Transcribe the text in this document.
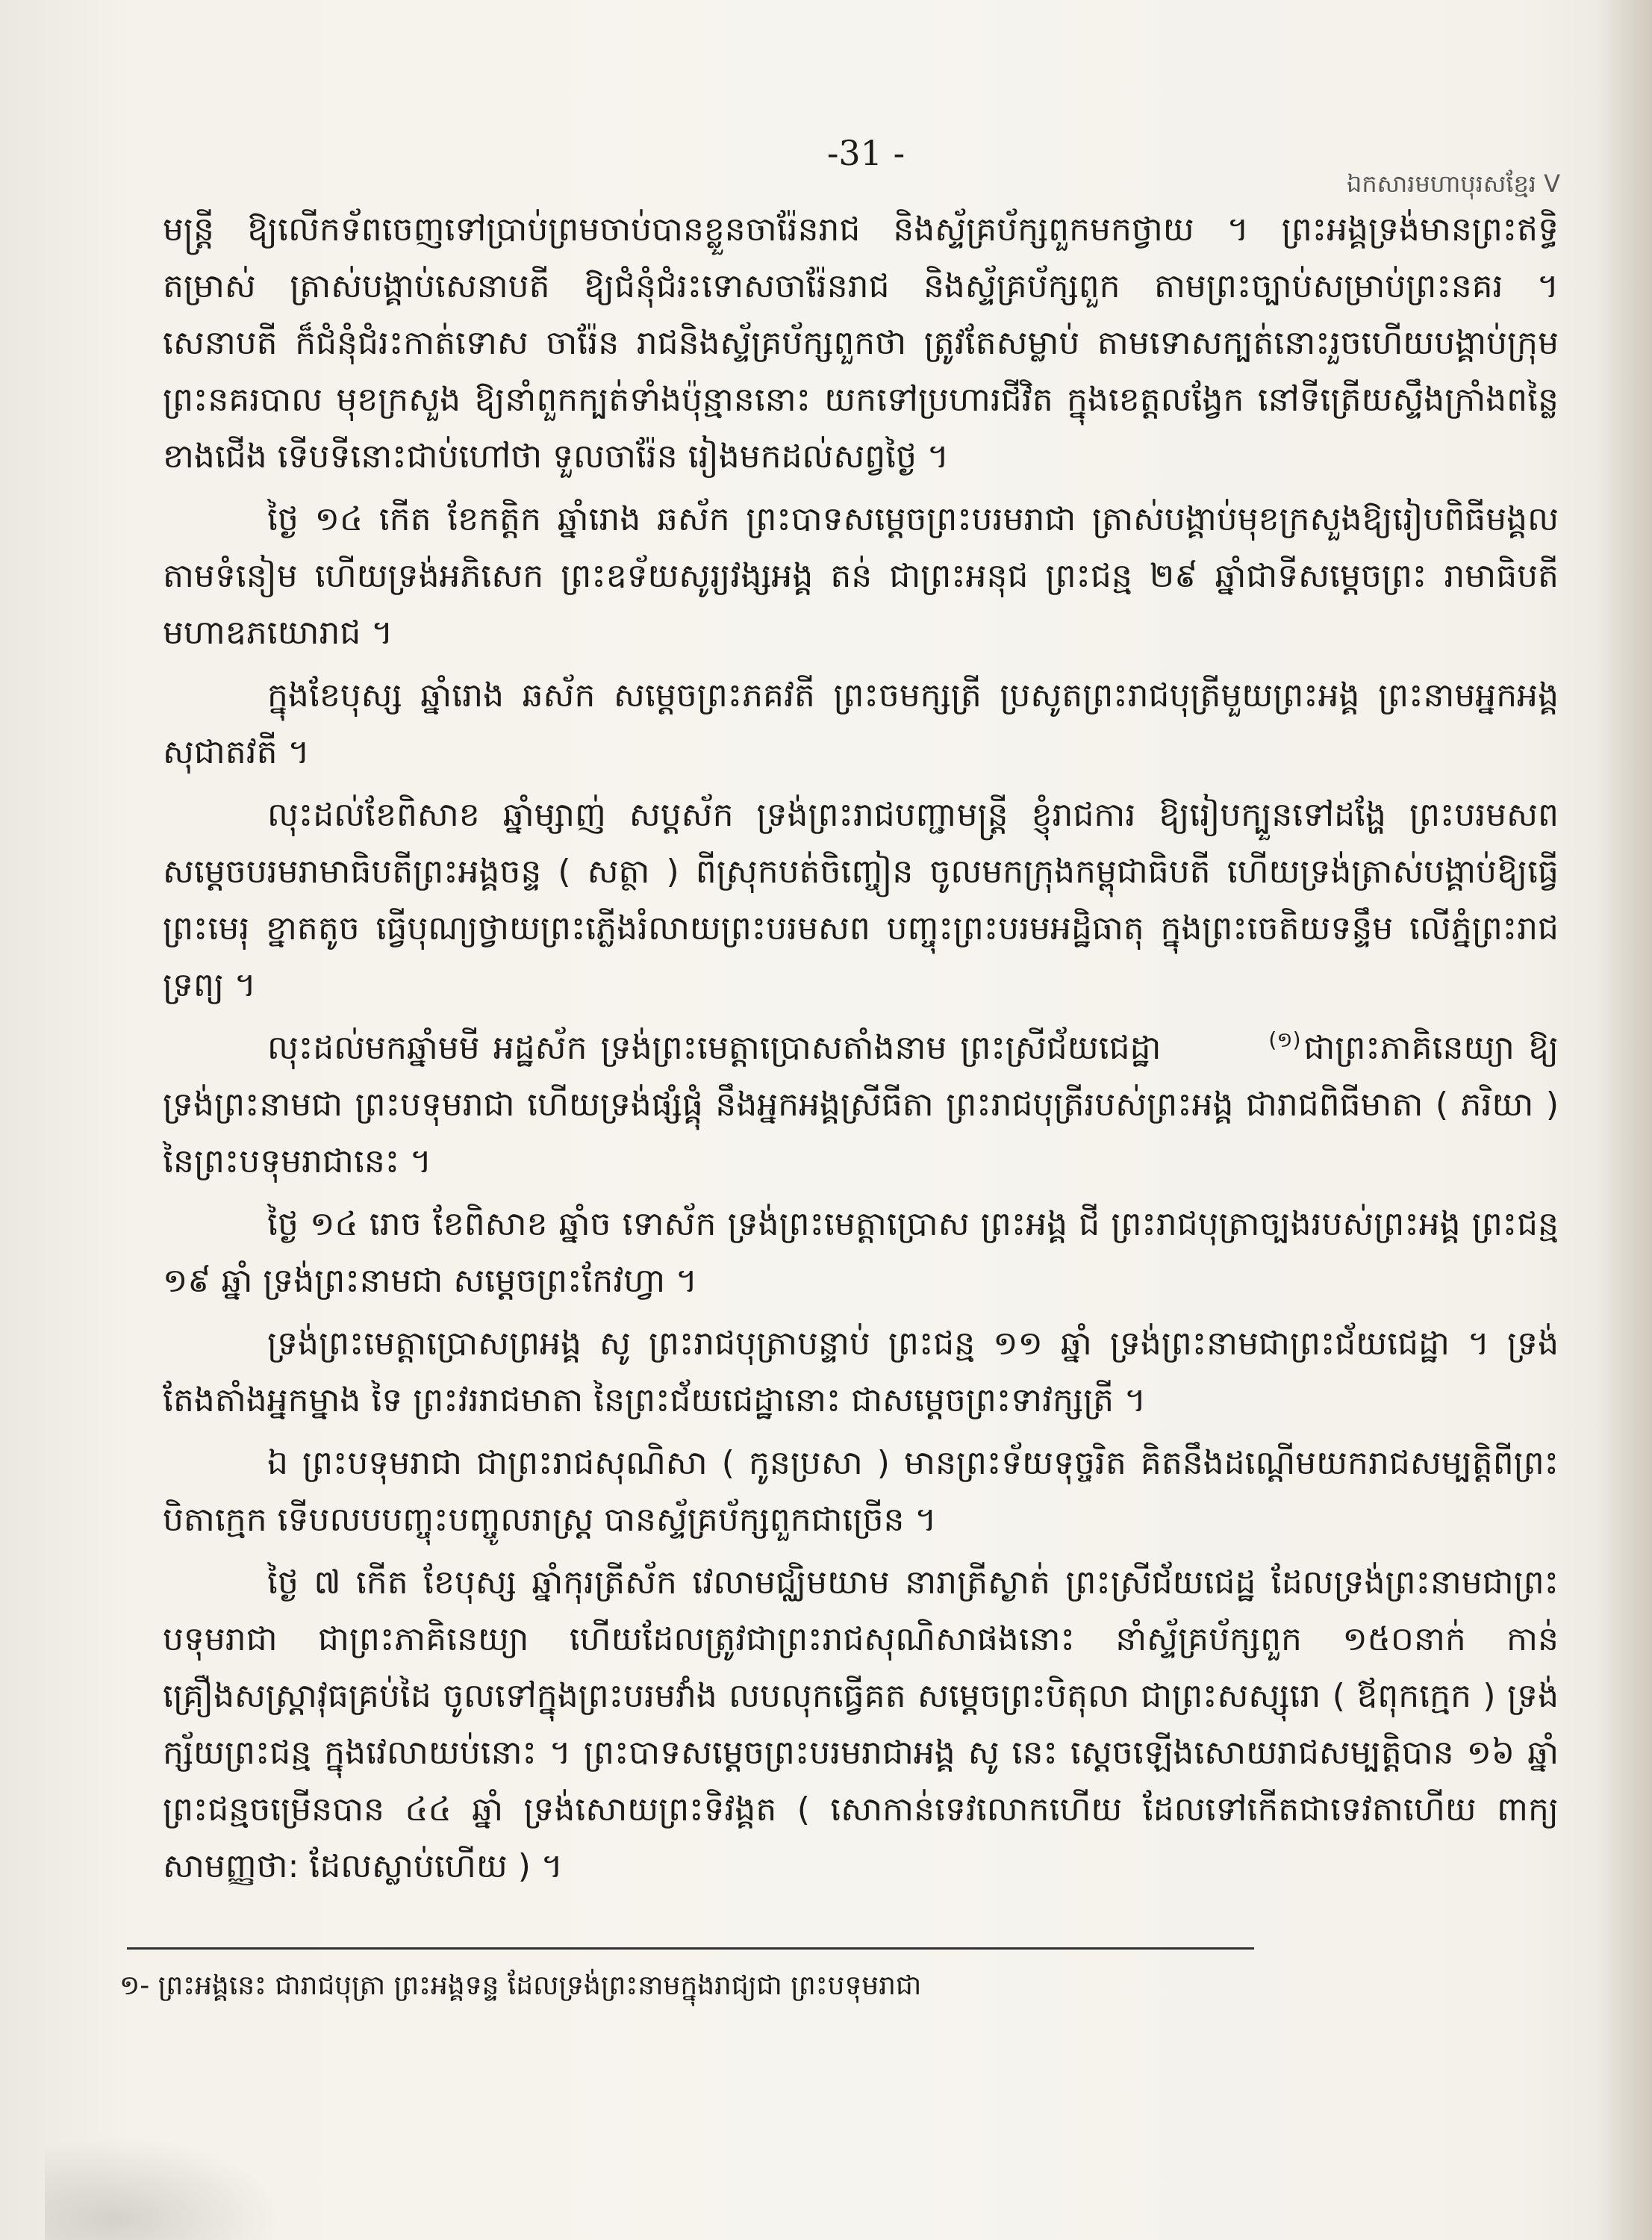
-31 -
ឯកសារមហាបុរសខ្មែរ V

មន្ត្រី ឱ្យលើកទ័ពចេញទៅប្រាប់ព្រមចាប់បានខ្លួនចារ៉ែនរាជ និងស្ទ័គ្រប័ក្សពួកមកថ្វាយ ។ ព្រះអង្គទ្រង់មានព្រះឥទ្ធិតម្រាស់ ត្រាស់បង្គាប់សេនាបតី ឱ្យជំនុំជំរះទោសចារ៉ែនរាជ និងស្ទ័គ្រប័ក្សពួក តាមព្រះច្បាប់សម្រាប់ព្រះនគរ ។ សេនាបតី ក៏ជំនុំជំរះកាត់ទោស ចារ៉ែន រាជនិងស្ទ័គ្រប័ក្សពួកថា ត្រូវតែសម្លាប់ តាមទោសក្បត់នោះរួចហើយបង្គាប់ក្រុមព្រះនគរបាល មុខក្រសួង ឱ្យនាំពួកក្បត់ទាំងប៉ុន្មាននោះ យកទៅប្រហារជីវិត ក្នុងខេត្តលង្វែក នៅទីត្រើយស្ទឹងក្រាំងពន្លៃខាងជើង ទើបទីនោះជាប់ហៅថា ទួលចារ៉ែន រៀងមកដល់សព្វថ្ងៃ ។

ថ្ងៃ ១៤ កើត ខែកត្តិក ឆ្នាំរោង ឆស័ក ព្រះបាទសម្ដេចព្រះបរមរាជា ត្រាស់បង្គាប់មុខក្រសួងឱ្យរៀបពិធីមង្គល តាមទំនៀម ហើយទ្រង់អភិសេក ព្រះឧទ័យសូរ្យវង្សអង្គ តន់ ជាព្រះអនុជ ព្រះជន្ម ២៩ ឆ្នាំជាទីសម្ដេចព្រះ រាមាធិបតី មហាឧភយោរាជ ។

ក្នុងខែបុស្ស ឆ្នាំរោង ឆស័ក សម្ដេចព្រះភគវតី ព្រះចមក្សត្រី ប្រសូតព្រះរាជបុត្រីមួយព្រះអង្គ ព្រះនាមអ្នកអង្គ សុជាតវតី ។

លុះដល់ខែពិសាខ ឆ្នាំម្សាញ់ សប្តស័ក ទ្រង់ព្រះរាជបញ្ជាមន្ត្រី ខ្ញុំរាជការ ឱ្យរៀបក្បួនទៅដង្ហែ ព្រះបរមសព សម្ដេចបរមរាមាធិបតីព្រះអង្គចន្ទ ( សត្ថា ) ពីស្រុកបត់ចិញ្ចៀន ចូលមកក្រុងកម្ពុជាធិបតី ហើយទ្រង់ត្រាស់បង្គាប់ឱ្យធ្វើព្រះមេរុ ខ្នាតតូច ធ្វើបុណ្យថ្វាយព្រះភ្លើងរំលាយព្រះបរមសព បញ្ចុះព្រះបរមអដ្ឋិធាតុ ក្នុងព្រះចេតិយទន្ទឹម លើភ្នំព្រះរាជទ្រព្យ ។

លុះដល់មកឆ្នាំមមី អដ្ឋស័ក ទ្រង់ព្រះមេត្តាប្រោសតាំងនាម ព្រះស្រីជ័យជេដ្ឋា	(១)ជាព្រះភាគិនេយ្យា ឱ្យទ្រង់ព្រះនាមជា ព្រះបទុមរាជា ហើយទ្រង់ផ្សំផ្គុំ នឹងអ្នកអង្គស្រីធីតា ព្រះរាជបុត្រីរបស់ព្រះអង្គ ជារាជពិធីមាតា ( ភរិយា ) នៃព្រះបទុមរាជានេះ ។

ថ្ងៃ ១៤ រោច ខែពិសាខ ឆ្នាំច ទោស័ក ទ្រង់ព្រះមេត្តាប្រោស ព្រះអង្គ ជី ព្រះរាជបុត្រាច្បងរបស់ព្រះអង្គ ព្រះជន្ម ១៩ ឆ្នាំ ទ្រង់ព្រះនាមជា សម្ដេចព្រះកែវហ្វា ។

ទ្រង់ព្រះមេត្តាប្រោសព្រអង្គ សូ ព្រះរាជបុត្រាបន្ទាប់ ព្រះជន្ម ១១ ឆ្នាំ ទ្រង់ព្រះនាមជាព្រះជ័យជេដ្ឋា ។ ទ្រង់តែងតាំងអ្នកម្នាង ទៃ ព្រះវររាជមាតា នៃព្រះជ័យជេដ្ឋានោះ ជាសម្ដេចព្រះទាវក្សត្រី ។

ឯ ព្រះបទុមរាជា ជាព្រះរាជសុណិសា ( កូនប្រសា ) មានព្រះទ័យទុច្ចរិត គិតនឹងដណ្ដើមយករាជសម្បត្តិពីព្រះបិតាក្មេក ទើបលបបញ្ចុះបញ្ចូលរាស្ត្រ បានស្ទ័គ្រប័ក្សពួកជាច្រើន ។

ថ្ងៃ ៧ កើត ខែបុស្ស ឆ្នាំកុរត្រីស័ក វេលាមជ្ឈិមយាម នារាត្រីស្ងាត់ ព្រះស្រីជ័យជេដ្ឋ ដែលទ្រង់ព្រះនាមជាព្រះបទុមរាជា ជាព្រះភាគិនេយ្យា ហើយដែលត្រូវជាព្រះរាជសុណិសាផងនោះ នាំស្ទ័គ្រប័ក្សពួក ១៥០នាក់ កាន់គ្រឿងសស្ត្រាវុធគ្រប់ដៃ ចូលទៅក្នុងព្រះបរមវាំង លបលុកធ្វើគត សម្ដេចព្រះបិតុលា ជាព្រះសស្សុរោ ( ឪពុកក្មេក ) ទ្រង់ក្ស័យព្រះជន្ម ក្នុងវេលាយប់នោះ ។ ព្រះបាទសម្ដេចព្រះបរមរាជាអង្គ សូ នេះ ស្ដេចឡើងសោយរាជសម្បត្តិបាន ១៦ ឆ្នាំ ព្រះជន្មចម្រើនបាន ៤៤ ឆ្នាំ ទ្រង់សោយព្រះទិវង្គត ( សោកាន់ទេវលោកហើយ ដែលទៅកើតជាទេវតាហើយ ពាក្យសាមញ្ញថា: ដែលស្លាប់ហើយ ) ។

១- ព្រះអង្គនេះ ជារាជបុត្រា ព្រះអង្គទន្ទ ដែលទ្រង់ព្រះនាមក្នុងរាជ្យជា ព្រះបទុមរាជា
